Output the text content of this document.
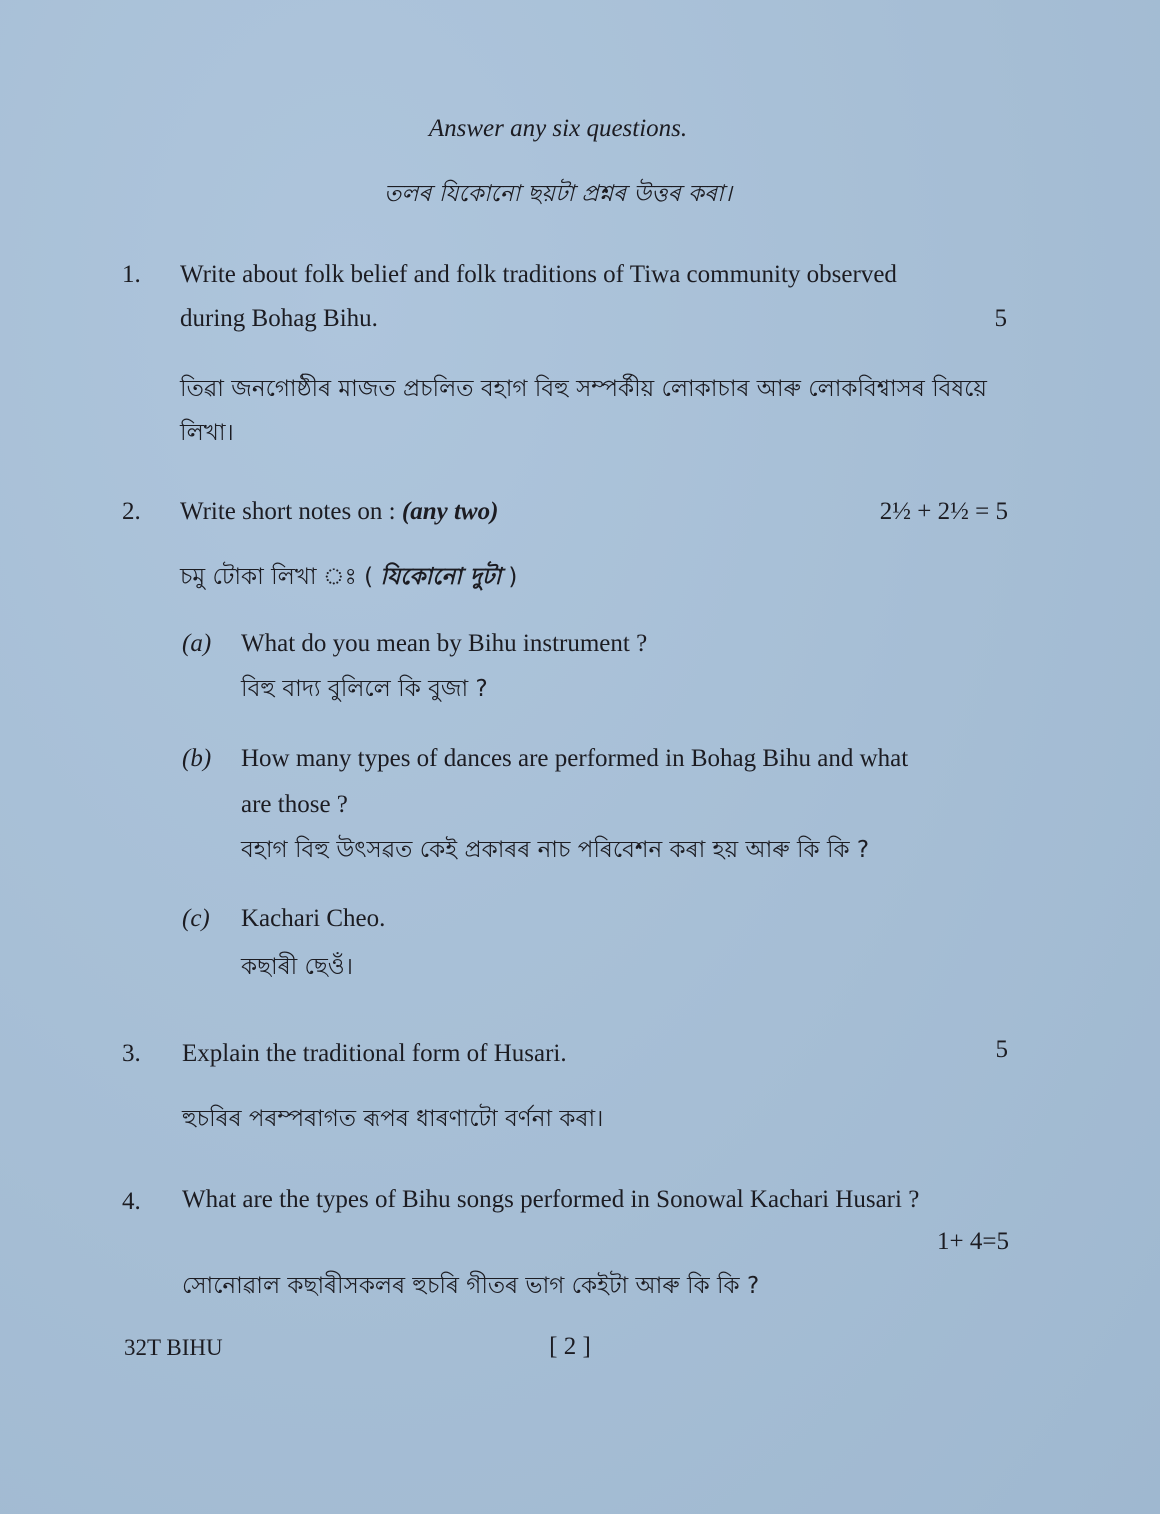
Answer any six questions.
তলৰ যিকোনো ছয়টা প্ৰশ্নৰ উত্তৰ কৰা।
1. Write about folk belief and folk traditions of Tiwa community observed
during Bohag Bihu.	5
তিৱা জনগোষ্ঠীৰ মাজত প্ৰচলিত বহাগ বিহু সম্পৰ্কীয় লোকাচাৰ আৰু লোকবিশ্বাসৰ বিষয়ে
লিখা।
2. Write short notes on : (any two)	2½ + 2½ = 5
চমু টোকা লিখা ঃ ( যিকোনো দুটা )
(a) What do you mean by Bihu instrument ?
বিহু বাদ্য বুলিলে কি বুজা ?
(b) How many types of dances are performed in Bohag Bihu and what
are those ?
বহাগ বিহু উৎসৱত কেই প্ৰকাৰৰ নাচ পৰিবেশন কৰা হয় আৰু কি কি ?
(c) Kachari Cheo.
কছাৰী ছেওঁ।
3. Explain the traditional form of Husari.	5
হুচৰিৰ পৰম্পৰাগত ৰূপৰ ধাৰণাটো বৰ্ণনা কৰা।
4. What are the types of Bihu songs performed in Sonowal Kachari Husari ?
1+ 4=5
সোনোৱাল কছাৰীসকলৰ হুচৰি গীতৰ ভাগ কেইটা আৰু কি কি ?
32T BIHU	[ 2 ]
